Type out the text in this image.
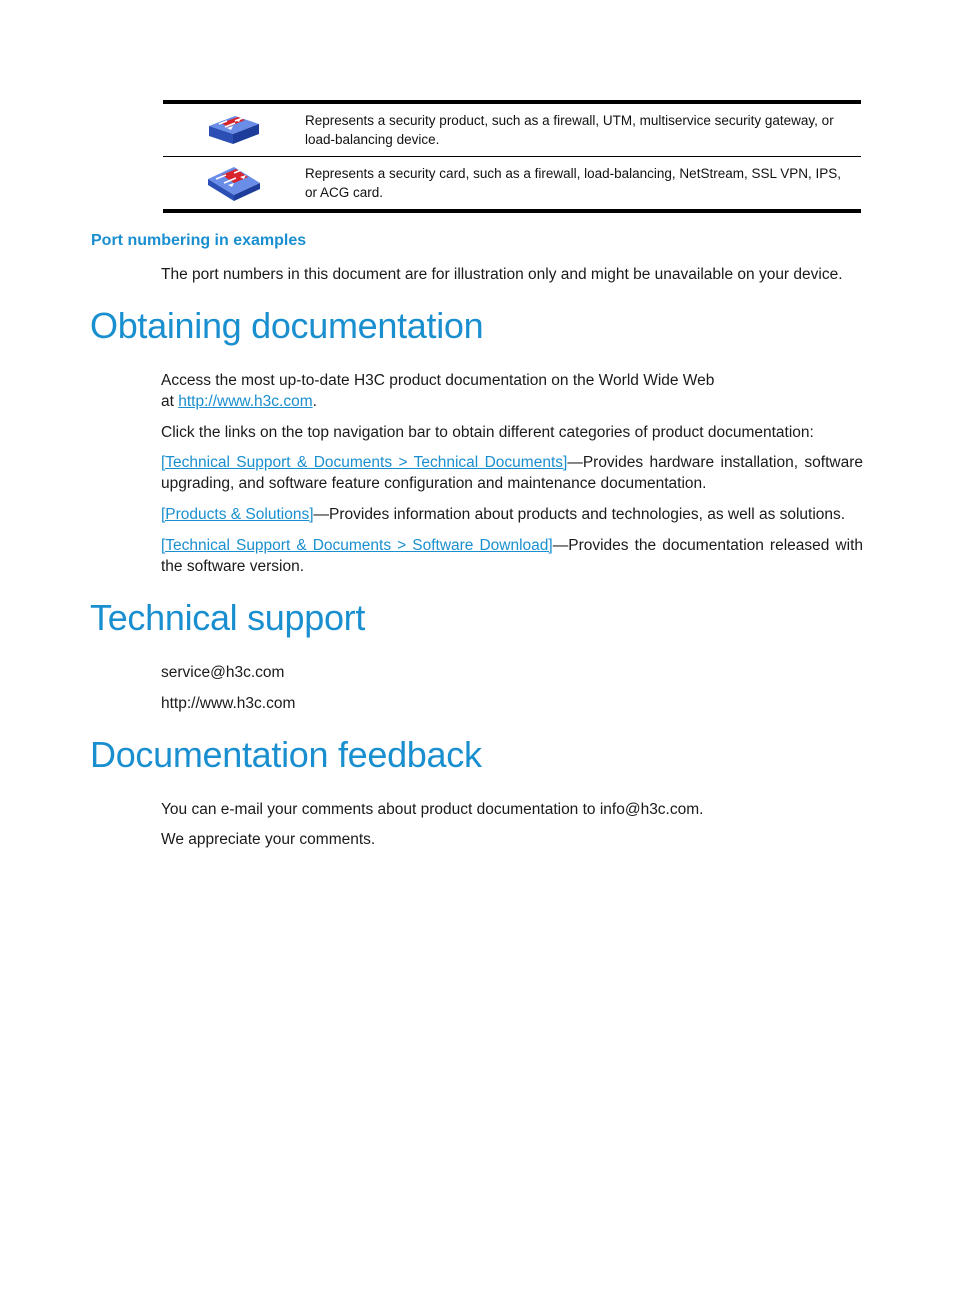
Represents a security product, such as a firewall, UTM, multiservice security gateway, or load-balancing device.
Represents a security card, such as a firewall, load-balancing, NetStream, SSL VPN, IPS, or ACG card.
Port numbering in examples

The port numbers in this document are for illustration only and might be unavailable on your device.

Obtaining documentation

Access the most up-to-date H3C product documentation on the World Wide Web
at http://www.h3c.com.

Click the links on the top navigation bar to obtain different categories of product documentation:

[Technical Support & Documents > Technical Documents]—Provides hardware installation, software upgrading, and software feature configuration and maintenance documentation.

[Products & Solutions]—Provides information about products and technologies, as well as solutions.

[Technical Support & Documents > Software Download]—Provides the documentation released with the software version.

Technical support

service@h3c.com

http://www.h3c.com

Documentation feedback

You can e-mail your comments about product documentation to info@h3c.com.

We appreciate your comments.
